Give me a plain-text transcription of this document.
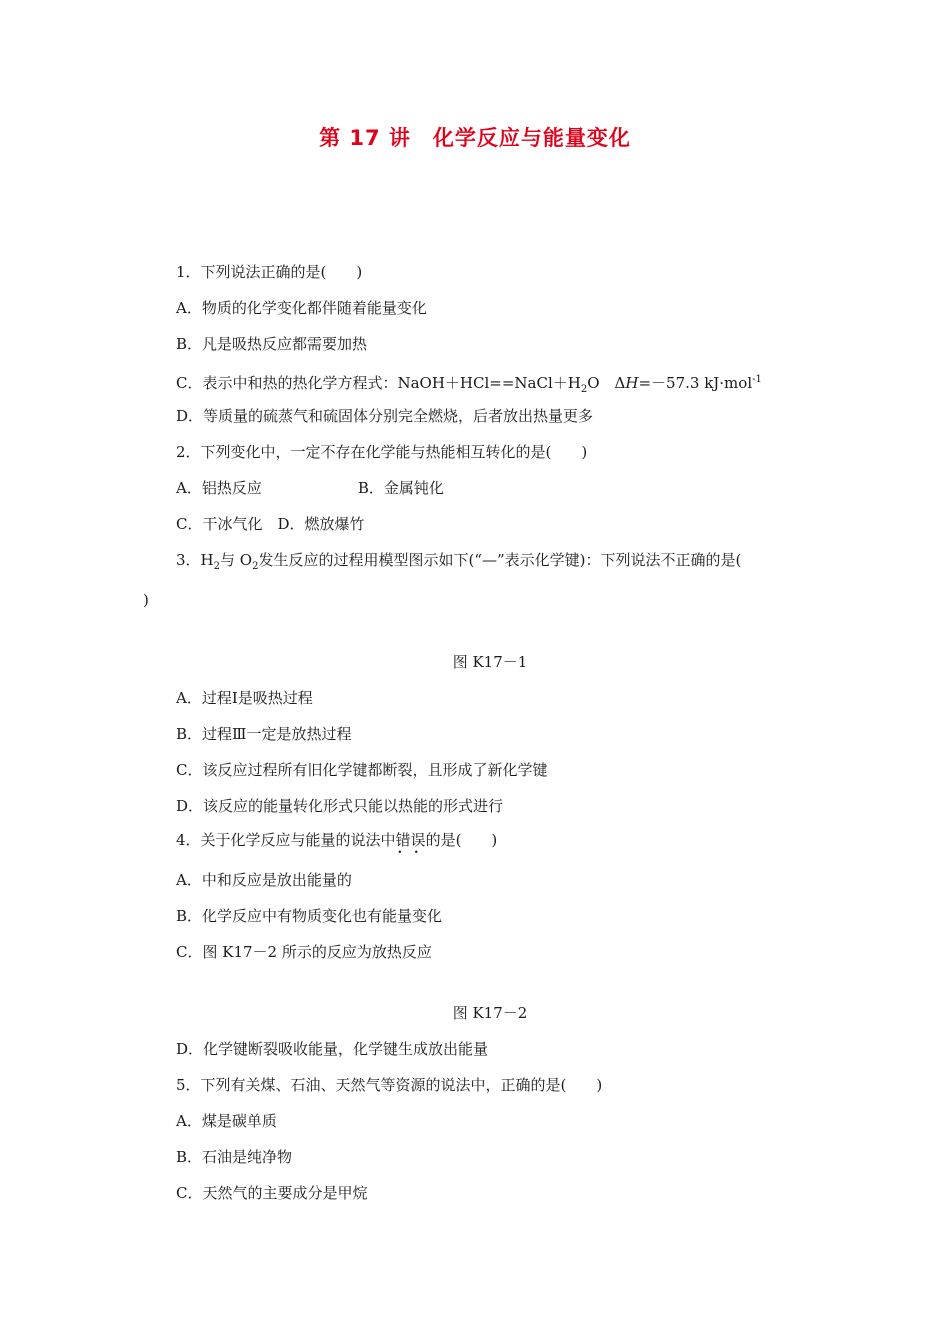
第 17 讲 化学反应与能量变化
1．下列说法正确的是(　　)
A．物质的化学变化都伴随着能量变化
B．凡是吸热反应都需要加热
C．表示中和热的热化学方程式：$NaOH+HCl==NaCl+H_2O$　ΔH=－57.3 kJ·mol$^{-1}$
D．等质量的硫蒸气和硫固体分别完全燃烧，后者放出热量更多
2．下列变化中，一定不存在化学能与热能相互转化的是(　　)
A．铝热反应	B．金属钝化
C．干冰气化　D．燃放爆竹
3．$H_2$与 $O_2$发生反应的过程用模型图示如下(“—”表示化学键)：下列说法不正确的是(
)
图 K17－1
A．过程Ⅰ是吸热过程
B．过程Ⅲ一定是放热过程
C．该反应过程所有旧化学键都断裂，且形成了新化学键
D．该反应的能量转化形式只能以热能的形式进行
4．关于化学反应与能量的说法中错误 •   •的是(　　)
A．中和反应是放出能量的
B．化学反应中有物质变化也有能量变化
C．图 K17－2 所示的反应为放热反应
图 K17－2
D．化学键断裂吸收能量，化学键生成放出能量
5．下列有关煤、石油、天然气等资源的说法中，正确的是(　　)
A．煤是碳单质
B．石油是纯净物
C．天然气的主要成分是甲烷
